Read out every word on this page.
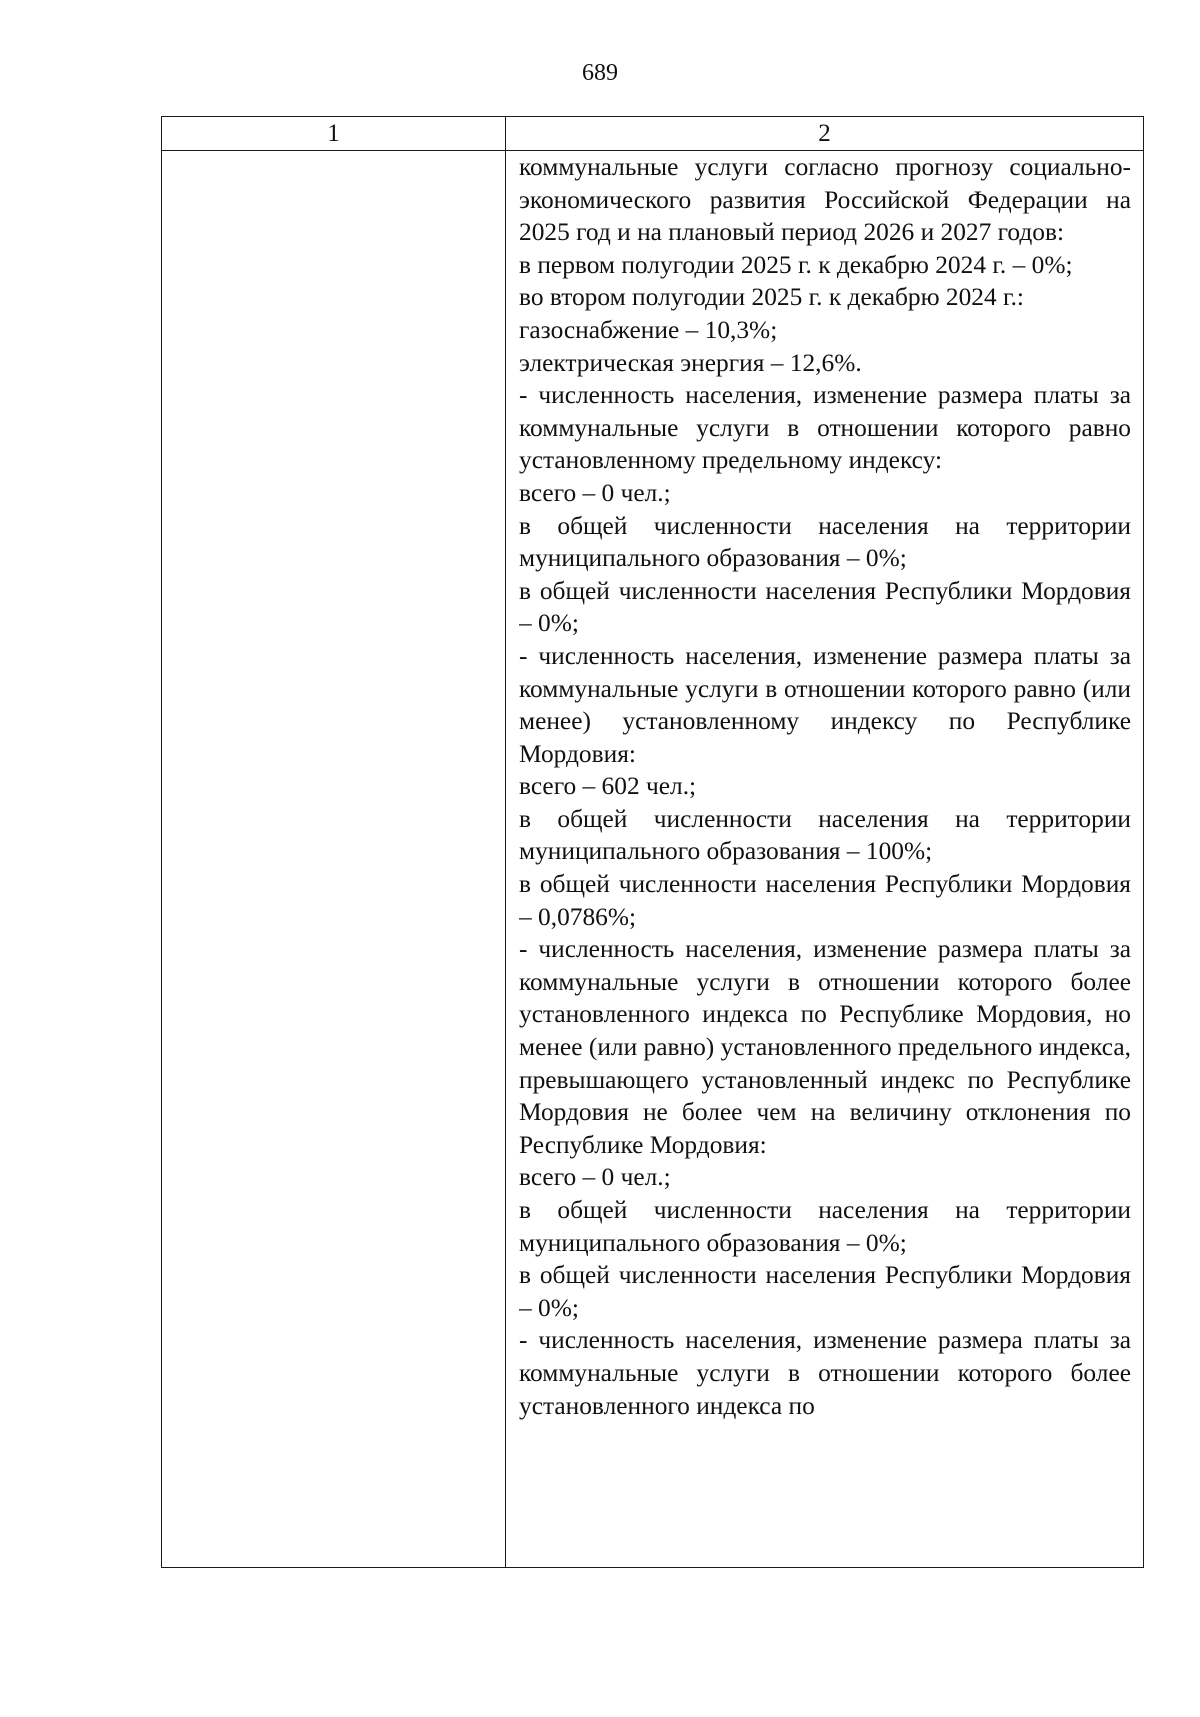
689
1	2

коммунальные услуги согласно прогнозу социально-экономического развития Российской Федерации на 2025 год и на плановый период 2026 и 2027 годов:

в первом полугодии 2025 г. к декабрю 2024 г. – 0%;

во втором полугодии 2025 г. к декабрю 2024 г.:

газоснабжение – 10,3%;

электрическая энергия – 12,6%.

- численность населения, изменение размера платы за коммунальные услуги в отношении которого равно установленному предельному индексу:

всего – 0 чел.;

в общей численности населения на территории муниципального образования – 0%;

в общей численности населения Республики Мордовия – 0%;

- численность населения, изменение размера платы за коммунальные услуги в отношении которого равно (или менее) установленному индексу по Республике Мордовия:

всего – 602 чел.;

в общей численности населения на территории муниципального образования – 100%;

в общей численности населения Республики Мордовия – 0,0786%;

- численность населения, изменение размера платы за коммунальные услуги в отношении которого более установленного индекса по Республике Мордовия, но менее (или равно) установленного предельного индекса, превышающего установленный индекс по Республике Мордовия не более чем на величину отклонения по Республике Мордовия:

всего – 0 чел.;

в общей численности населения на территории муниципального образования – 0%;

в общей численности населения Республики Мордовия – 0%;

- численность населения, изменение размера платы за коммунальные услуги в отношении которого более установленного индекса по
